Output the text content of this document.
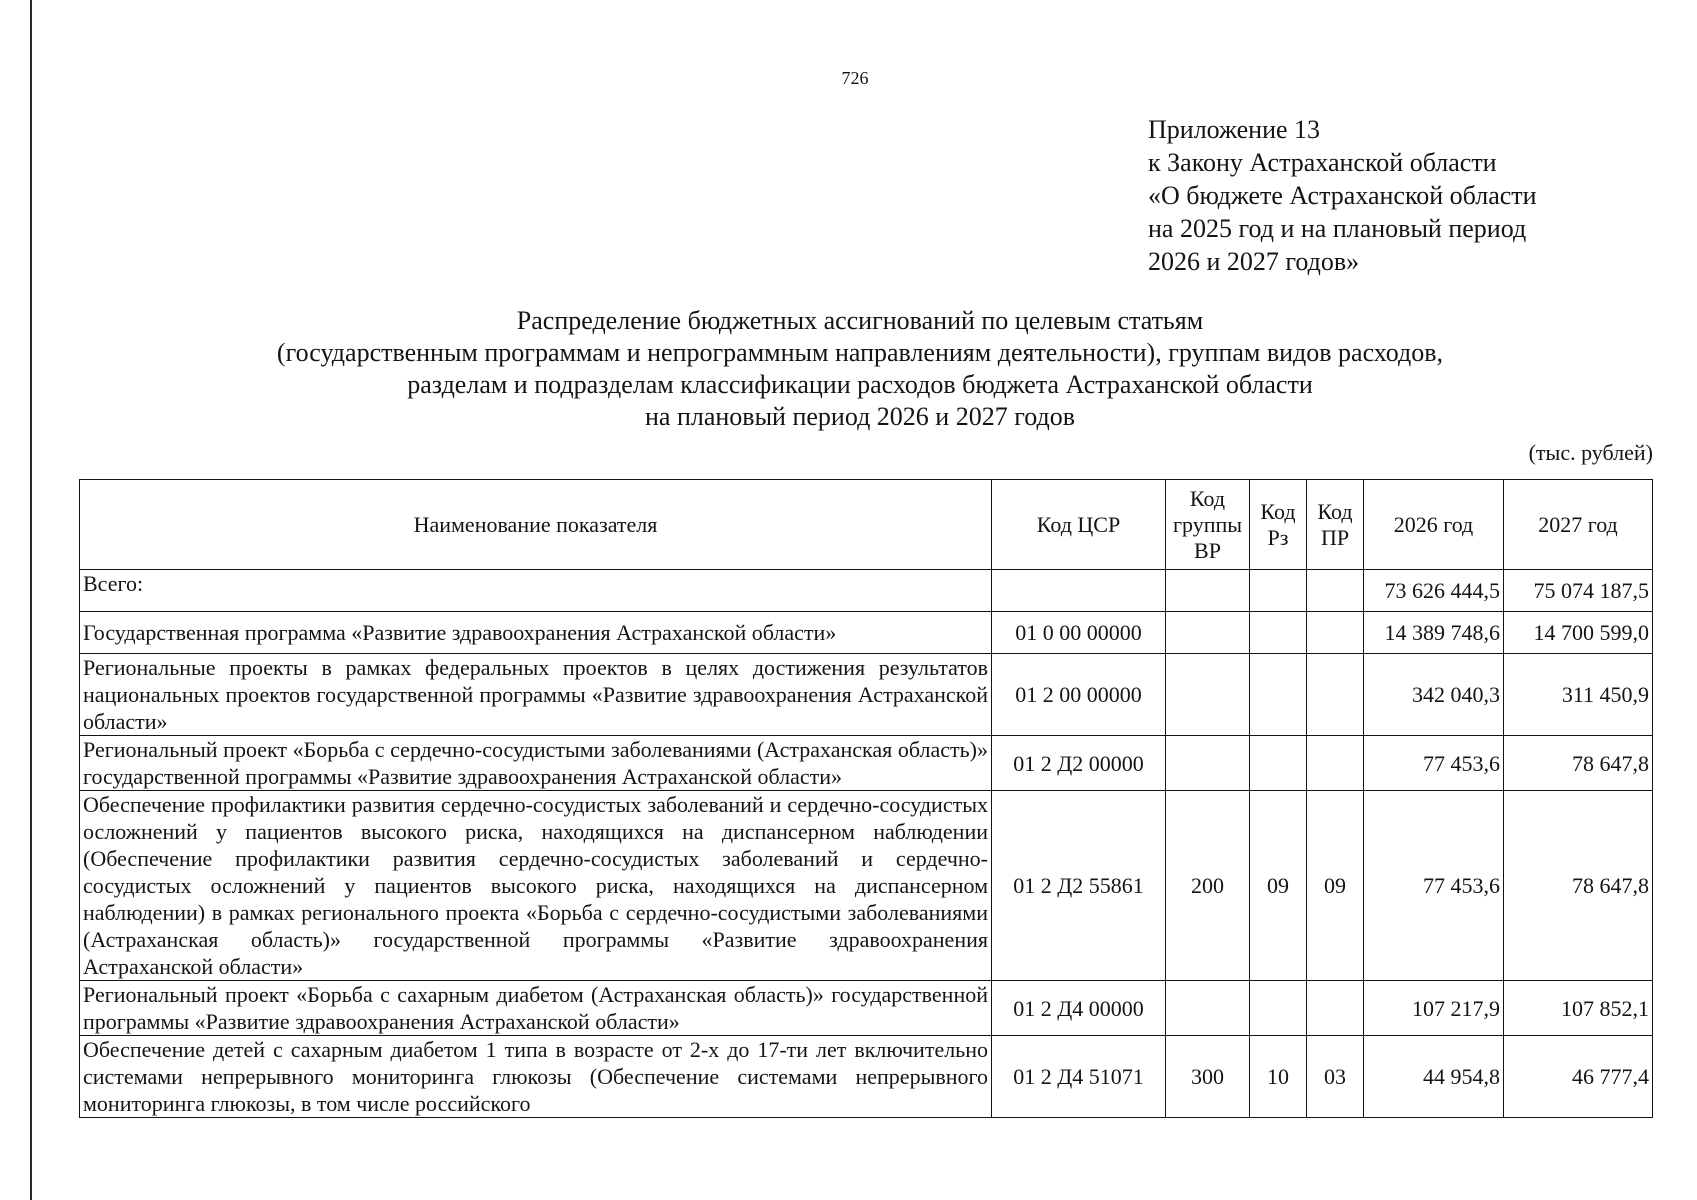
726
Приложение 13
к Закону Астраханской области
«О бюджете Астраханской области
на 2025 год и на плановый период
2026 и 2027 годов»
Распределение бюджетных ассигнований по целевым статьям
(государственным программам и непрограммным направлениям деятельности), группам видов расходов,
разделам и подразделам классификации расходов бюджета Астраханской области
на плановый период 2026 и 2027 годов
(тыс. рублей)
Наименование показателя	Код ЦСР	Код группы ВР	Код Рз	Код ПР	2026 год	2027 год
Всего:					73 626 444,5	75 074 187,5
Государственная программа «Развитие здравоохранения Астраханской области»	01 0 00 00000				14 389 748,6	14 700 599,0
Региональные проекты в рамках федеральных проектов в целях достижения результатов национальных проектов государственной программы «Развитие здравоохранения Астраханской области»	01 2 00 00000				342 040,3	311 450,9
Региональный проект «Борьба с сердечно-сосудистыми заболеваниями (Астраханская область)» государственной программы «Развитие здравоохранения Астраханской области»	01 2 Д2 00000				77 453,6	78 647,8
Обеспечение профилактики развития сердечно-сосудистых заболеваний и сердечно-сосудистых осложнений у пациентов высокого риска, находящихся на диспансерном наблюдении (Обеспечение профилактики развития сердечно-сосудистых заболеваний и сердечно-сосудистых осложнений у пациентов высокого риска, находящихся на диспансерном наблюдении) в рамках регионального проекта «Борьба с сердечно-сосудистыми заболеваниями (Астраханская область)» государственной программы «Развитие здравоохранения Астраханской области»	01 2 Д2 55861	200	09	09	77 453,6	78 647,8
Региональный проект «Борьба с сахарным диабетом (Астраханская область)» государственной программы «Развитие здравоохранения Астраханской области»	01 2 Д4 00000				107 217,9	107 852,1
Обеспечение детей с сахарным диабетом 1 типа в возрасте от 2-х до 17-ти лет включительно системами непрерывного мониторинга глюкозы (Обеспечение системами непрерывного мониторинга глюкозы, в том числе российского	01 2 Д4 51071	300	10	03	44 954,8	46 777,4
